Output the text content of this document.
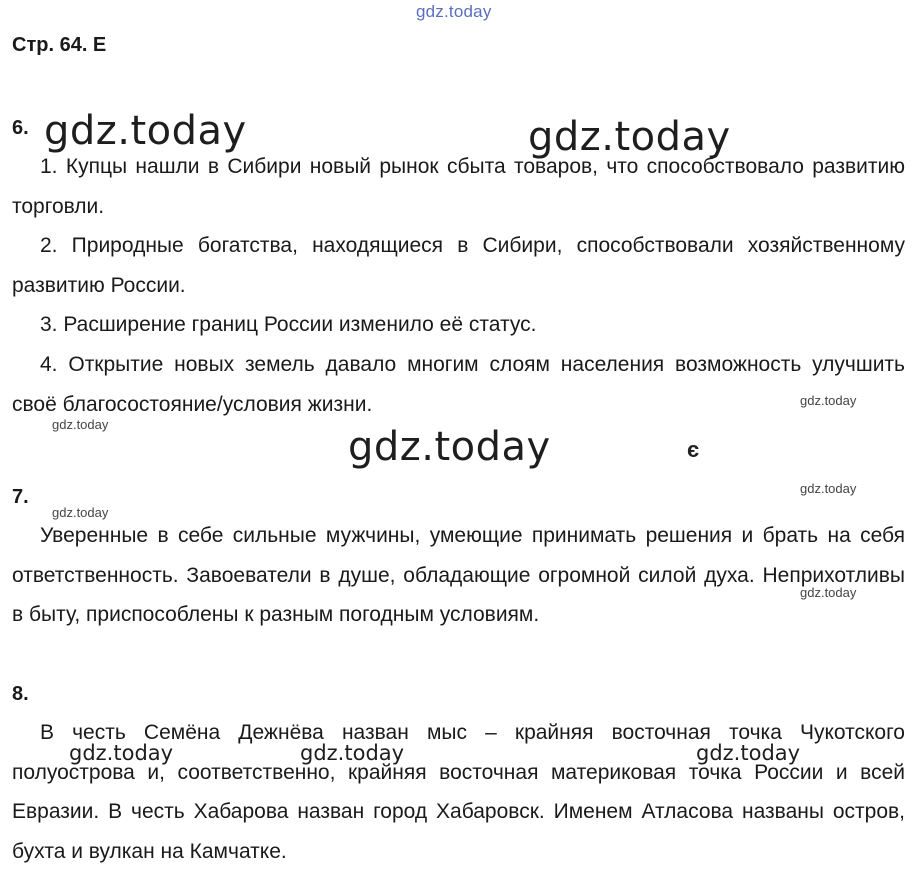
gdz.today
Стр. 64. Е
6.

1. Купцы нашли в Сибири новый рынок сбыта товаров, что способствовало развитию торговли.

2. Природные богатства, находящиеся в Сибири, способствовали хозяйственному развитию России.

3. Расширение границ России изменило её статус.

4. Открытие новых земель давало многим слоям населения возможность улучшить своё благосостояние/условия жизни.

7.

Уверенные в себе сильные мужчины, умеющие принимать решения и брать на себя ответственность. Завоеватели в душе, обладающие огромной силой духа. Неприхотливы в быту, приспособлены к разным погодным условиям.

8.

В честь Семёна Дежнёва назван мыс – крайняя восточная точка Чукотского полуострова и, соответственно, крайняя восточная материковая точка России и всей Евразии. В честь Хабарова назван город Хабаровск. Именем Атласова названы остров, бухта и вулкан на Камчатке.

gdz.today	gdz.today
gdz.today
gdz.today
gdz.today
gdz.today
gdz.today
gdz.today
є
gdz.today	gdz.today	gdz.today
